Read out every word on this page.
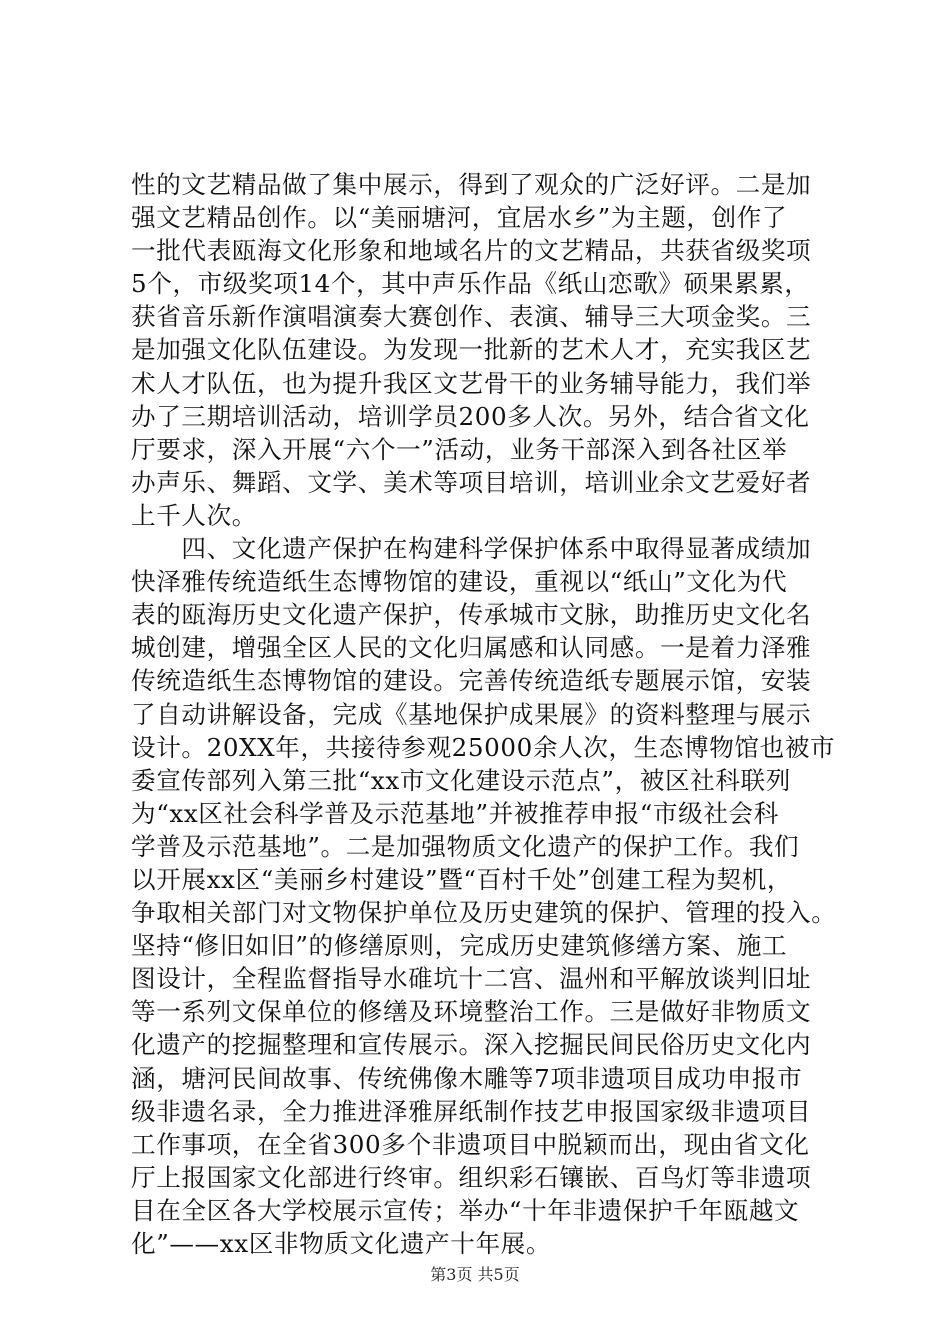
性的文艺精品做了集中展示，得到了观众的广泛好评。二是加
强文艺精品创作。以“美丽塘河，宜居水乡”为主题，创作了
一批代表瓯海文化形象和地域名片的文艺精品，共获省级奖项
5个，市级奖项14个，其中声乐作品《纸山恋歌》硕果累累，
获省音乐新作演唱演奏大赛创作、表演、辅导三大项金奖。三
是加强文化队伍建设。为发现一批新的艺术人才，充实我区艺
术人才队伍，也为提升我区文艺骨干的业务辅导能力，我们举
办了三期培训活动，培训学员200多人次。另外，结合省文化
厅要求，深入开展“六个一”活动，业务干部深入到各社区举
办声乐、舞蹈、文学、美术等项目培训，培训业余文艺爱好者
上千人次。
　　四、文化遗产保护在构建科学保护体系中取得显著成绩加
快泽雅传统造纸生态博物馆的建设，重视以“纸山”文化为代
表的瓯海历史文化遗产保护，传承城市文脉，助推历史文化名
城创建，增强全区人民的文化归属感和认同感。一是着力泽雅
传统造纸生态博物馆的建设。完善传统造纸专题展示馆，安装
了自动讲解设备，完成《基地保护成果展》的资料整理与展示
设计。20XX年，共接待参观25000余人次，生态博物馆也被市
委宣传部列入第三批“xx市文化建设示范点”，被区社科联列
为“xx区社会科学普及示范基地”并被推荐申报“市级社会科
学普及示范基地”。二是加强物质文化遗产的保护工作。我们
以开展xx区“美丽乡村建设”暨“百村千处”创建工程为契机，
争取相关部门对文物保护单位及历史建筑的保护、管理的投入。
坚持“修旧如旧”的修缮原则，完成历史建筑修缮方案、施工
图设计，全程监督指导水碓坑十二宫、温州和平解放谈判旧址
等一系列文保单位的修缮及环境整治工作。三是做好非物质文
化遗产的挖掘整理和宣传展示。深入挖掘民间民俗历史文化内
涵，塘河民间故事、传统佛像木雕等7项非遗项目成功申报市
级非遗名录，全力推进泽雅屏纸制作技艺申报国家级非遗项目
工作事项，在全省300多个非遗项目中脱颖而出，现由省文化
厅上报国家文化部进行终审。组织彩石镶嵌、百鸟灯等非遗项
目在全区各大学校展示宣传；举办“十年非遗保护千年瓯越文
化”——xx区非物质文化遗产十年展。
第3页 共5页
